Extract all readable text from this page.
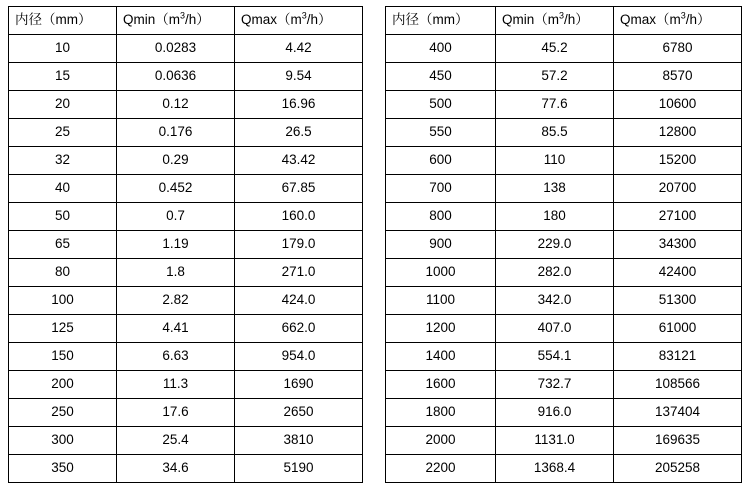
内径（mm）	$Qmin(m^3/h)$	$Qmax(m^3/h)$
10	0.0283	4.42
15	0.0636	9.54
20	0.12	16.96
25	0.176	26.5
32	0.29	43.42
40	0.452	67.85
50	0.7	160.0
65	1.19	179.0
80	1.8	271.0
100	2.82	424.0
125	4.41	662.0
150	6.63	954.0
200	11.3	1690
250	17.6	2650
300	25.4	3810
350	34.6	5190
内径（mm）	$Qmin(m^3/h)$	$Qmax(m^3/h)$
400	45.2	6780
450	57.2	8570
500	77.6	10600
550	85.5	12800
600	110	15200
700	138	20700
800	180	27100
900	229.0	34300
1000	282.0	42400
1100	342.0	51300
1200	407.0	61000
1400	554.1	83121
1600	732.7	108566
1800	916.0	137404
2000	1131.0	169635
2200	1368.4	205258
